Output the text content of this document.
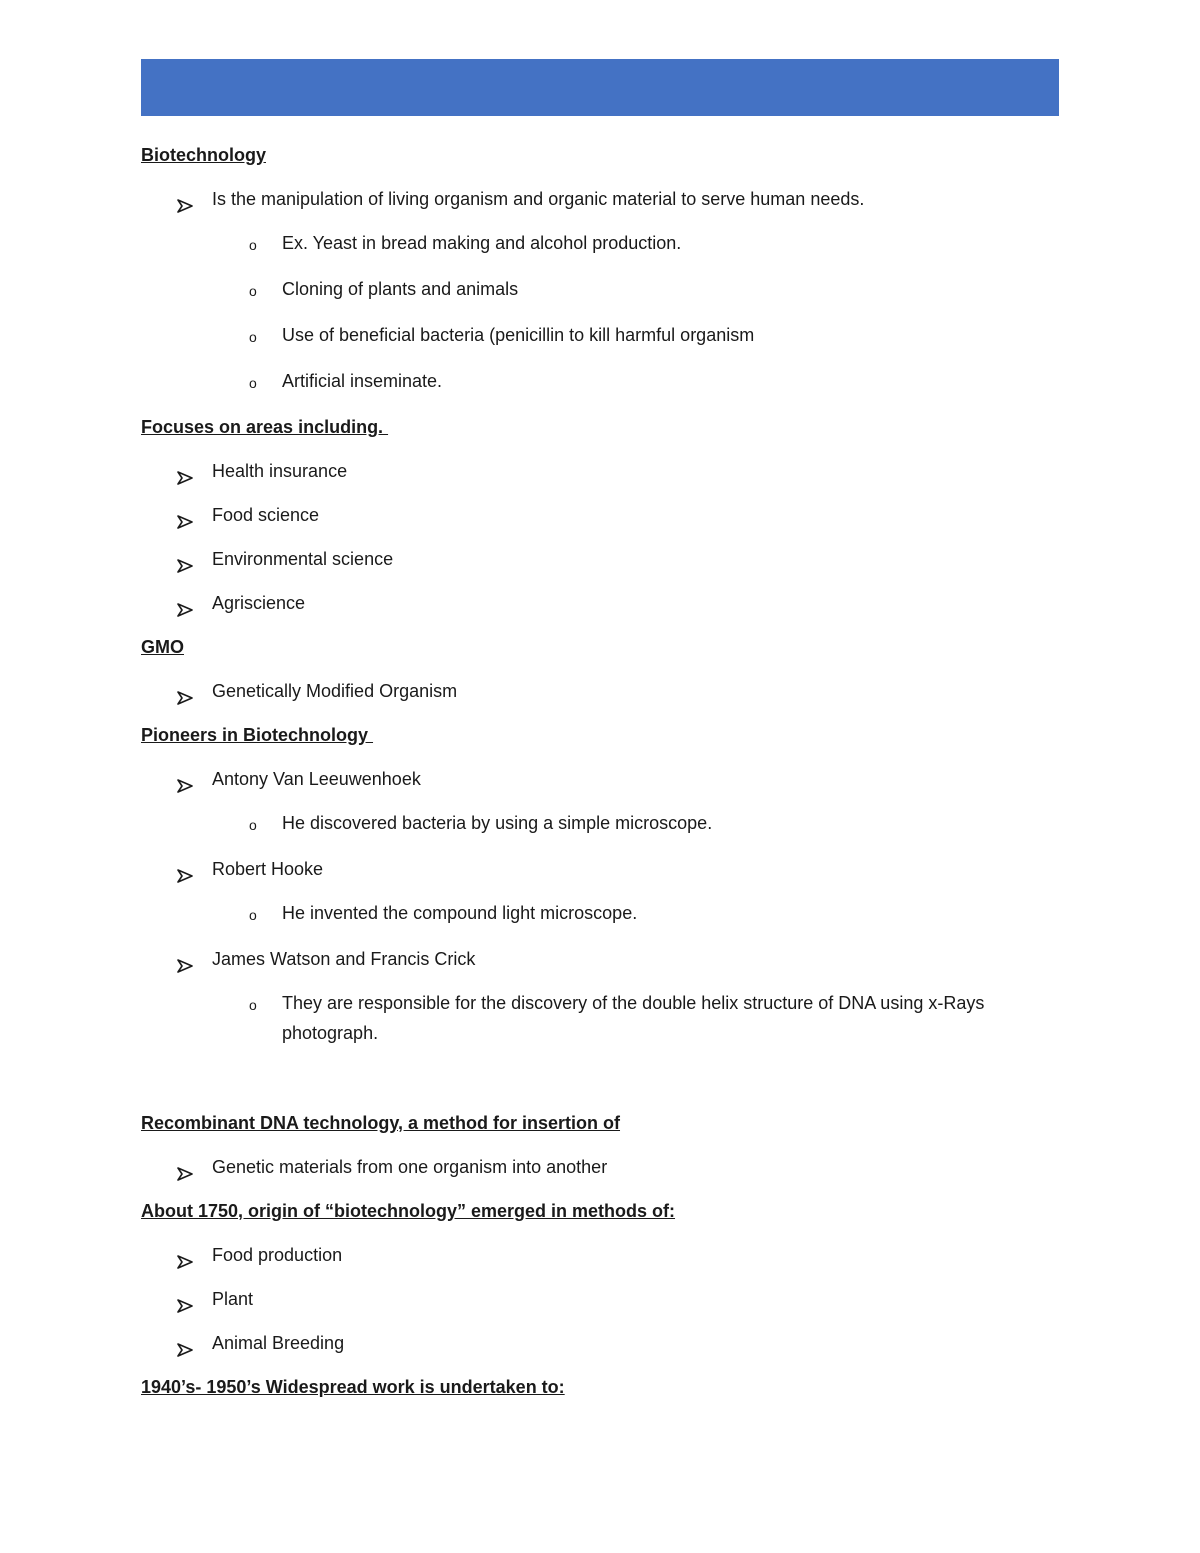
Biotechnology
Is the manipulation of living organism and organic material to serve human needs.
o Ex. Yeast in bread making and alcohol production.
o Cloning of plants and animals
o Use of beneficial bacteria (penicillin to kill harmful organism
o Artificial inseminate.
Focuses on areas including.
Health insurance
Food science
Environmental science
Agriscience
GMO
Genetically Modified Organism
Pioneers in Biotechnology
Antony Van Leeuwenhoek
o He discovered bacteria by using a simple microscope.
Robert Hooke
o He invented the compound light microscope.
James Watson and Francis Crick
o They are responsible for the discovery of the double helix structure of DNA using x-Rays photograph.
Recombinant DNA technology, a method for insertion of
Genetic materials from one organism into another
About 1750, origin of “biotechnology” emerged in methods of:
Food production
Plant
Animal Breeding
1940’s- 1950’s Widespread work is undertaken to:
